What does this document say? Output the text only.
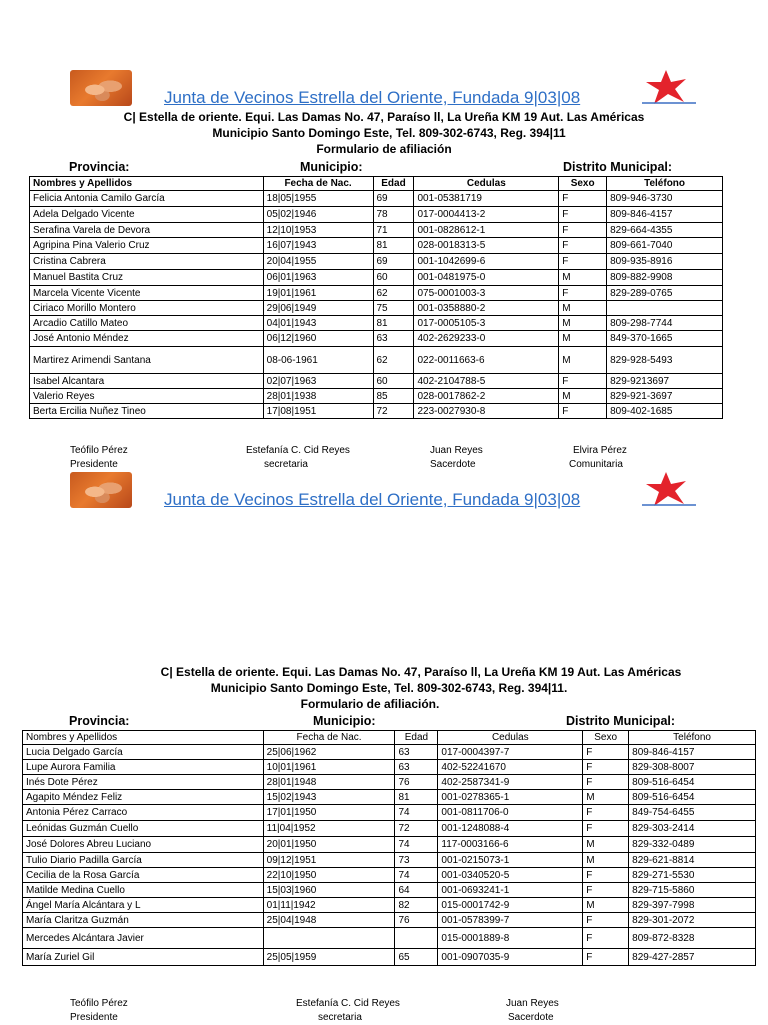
Junta de Vecinos Estrella del Oriente, Fundada 9|03|08
C| Estella de oriente. Equi. Las Damas No. 47, Paraíso ll, La Ureña KM 19 Aut. Las Américas
Municipio Santo Domingo Este, Tel. 809-302-6743, Reg. 394|11
Formulario de afiliación
Provincia:	Municipio:	Distrito Municipal:
Nombres y Apellidos	Fecha de Nac.	Edad	Cedulas	Sexo	Teléfono
Felicia Antonia Camilo García	18|05|1955	69	001-05381719	F	809-946-3730
Adela Delgado Vicente	05|02|1946	78	017-0004413-2	F	809-846-4157
Serafina Varela de Devora	12|10|1953	71	001-0828612-1	F	829-664-4355
Agripina Pina Valerio Cruz	16|07|1943	81	028-0018313-5	F	809-661-7040
Cristina Cabrera	20|04|1955	69	001-1042699-6	F	809-935-8916
Manuel Bastita Cruz	06|01|1963	60	001-0481975-0	M	809-882-9908
Marcela Vicente Vicente	19|01|1961	62	075-0001003-3	F	829-289-0765
Ciriaco Morillo Montero	29|06|1949	75	001-0358880-2	M	
Arcadio Catillo Mateo	04|01|1943	81	017-0005105-3	M	809-298-7744
José Antonio Méndez	06|12|1960	63	402-2629233-0	M	849-370-1665
Martirez Arimendi Santana	08-06-1961	62	022-0011663-6	M	829-928-5493
Isabel Alcantara	02|07|1963	60	402-2104788-5	F	829-9213697
Valerio Reyes	28|01|1938	85	028-0017862-2	M	829-921-3697
Berta Ercilia Nuñez Tineo	17|08|1951	72	223-0027930-8	F	809-402-1685
Teófilo Pérez
Presidente
Estefanía C. Cid Reyes
secretaria
Juan Reyes
Sacerdote
Elvira Pérez
Comunitaria
Junta de Vecinos Estrella del Oriente, Fundada 9|03|08
C| Estella de oriente. Equi. Las Damas No. 47, Paraíso ll, La Ureña KM 19 Aut. Las Américas
Municipio Santo Domingo Este, Tel. 809-302-6743, Reg. 394|11.
Formulario de afiliación.
Provincia:	Municipio:	Distrito Municipal:
Nombres y Apellidos	Fecha de Nac.	Edad	Cedulas	Sexo	Teléfono
Lucia Delgado García	25|06|1962	63	017-0004397-7	F	809-846-4157
Lupe Aurora Familia	10|01|1961	63	402-52241670	F	829-308-8007
Inés Dote Pérez	28|01|1948	76	402-2587341-9	F	809-516-6454
Agapito Méndez Feliz	15|02|1943	81	001-0278365-1	M	809-516-6454
Antonia Pérez Carraco	17|01|1950	74	001-0811706-0	F	849-754-6455
Leónidas Guzmán Cuello	11|04|1952	72	001-1248088-4	F	829-303-2414
José Dolores Abreu Luciano	20|01|1950	74	117-0003166-6	M	829-332-0489
Tulio Diario Padilla García	09|12|1951	73	001-0215073-1	M	829-621-8814
Cecilia de la Rosa García	22|10|1950	74	001-0340520-5	F	829-271-5530
Matilde Medina Cuello	15|03|1960	64	001-0693241-1	F	829-715-5860
Ángel María Alcántara y L	01|11|1942	82	015-0001742-9	M	829-397-7998
María Claritza Guzmán	25|04|1948	76	001-0578399-7	F	829-301-2072
Mercedes Alcántara Javier			015-0001889-8	F	809-872-8328
María Zuriel Gil	25|05|1959	65	001-0907035-9	F	829-427-2857
Teófilo Pérez
Presidente
Estefanía C. Cid Reyes
secretaria
Juan Reyes
Sacerdote
